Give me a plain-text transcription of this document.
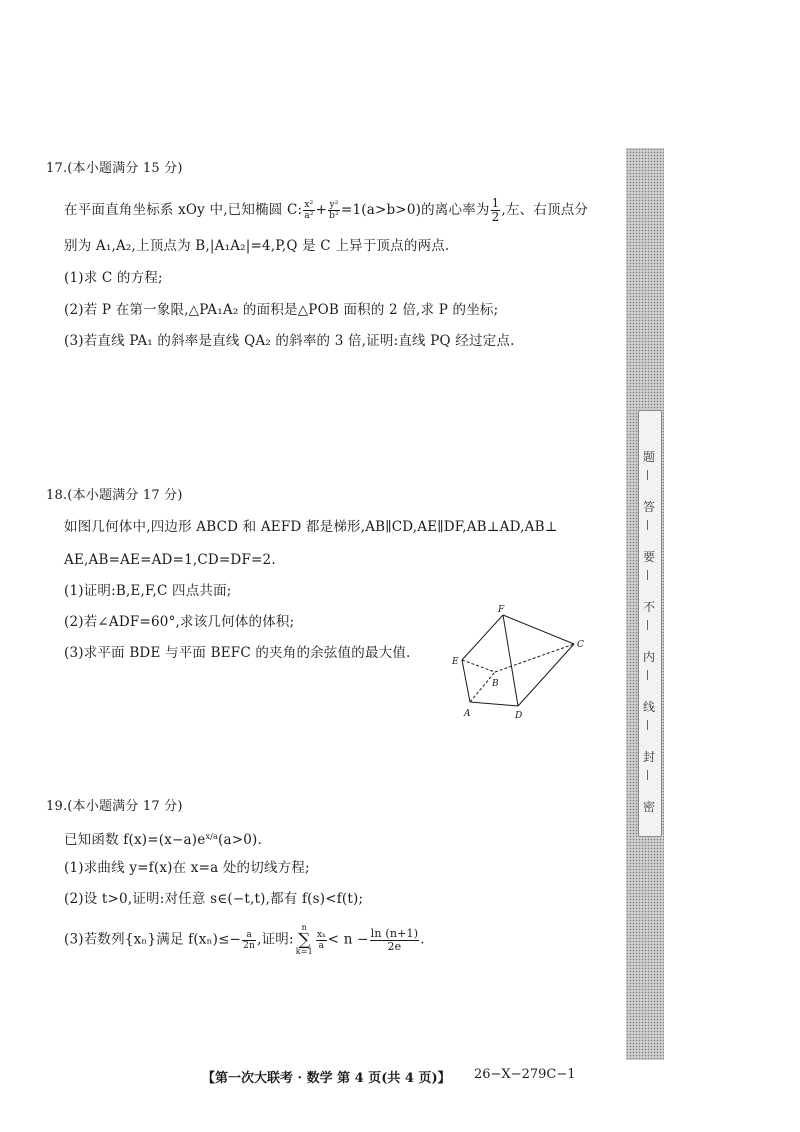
17.(本小题满分 15 分)
在平面直角坐标系 xOy 中,已知椭圆 C: $\frac{\text{x²}}{\text{a²}} + \frac{\text{y²}}{\text{b²}} =1(a>b>0)$的离心率为 $\frac{1}{2}$ ,左、右顶点分
别为 A₁,A₂,上顶点为 B,|A₁A₂|=4,P,Q 是 C 上异于顶点的两点.
(1)求 C 的方程;
(2)若 P 在第一象限,△PA₁A₂ 的面积是△POB 面积的 2 倍,求 P 的坐标;
(3)若直线 PA₁ 的斜率是直线 QA₂ 的斜率的 3 倍,证明:直线 PQ 经过定点.
18.(本小题满分 17 分)
如图几何体中,四边形 ABCD 和 AEFD 都是梯形,AB∥CD,AE∥DF,AB⊥AD,AB⊥
AE,AB=AE=AD=1,CD=DF=2.
(1)证明:B,E,F,C 四点共面;
(2)若∠ADF=60°,求该几何体的体积;
(3)求平面 BDE 与平面 BEFC 的夹角的余弦值的最大值.
F
C
E
B
A	D
19.(本小题满分 17 分)
已知函数 $f(x)=(x-a)e^{x/a}(a>0)$.
(1)求曲线 y=f(x)在 x=a 处的切线方程;
(2)设 t>0,证明:对任意 s∈(−t,t),都有 f(s)<f(t);
(3)若数列{xₙ}满足 $f(x_n)\le- \frac{a}{2n}$ ,证明:n
∑
k=1
$\frac{\text{xₖ}}{a} < n - \frac{\ln (n+1)}{2e}$ .
题
答
要
不
内
线
封
密
【第一次大联考 · 数学 第 4 页(共 4 页)】 26−X−279C−1
